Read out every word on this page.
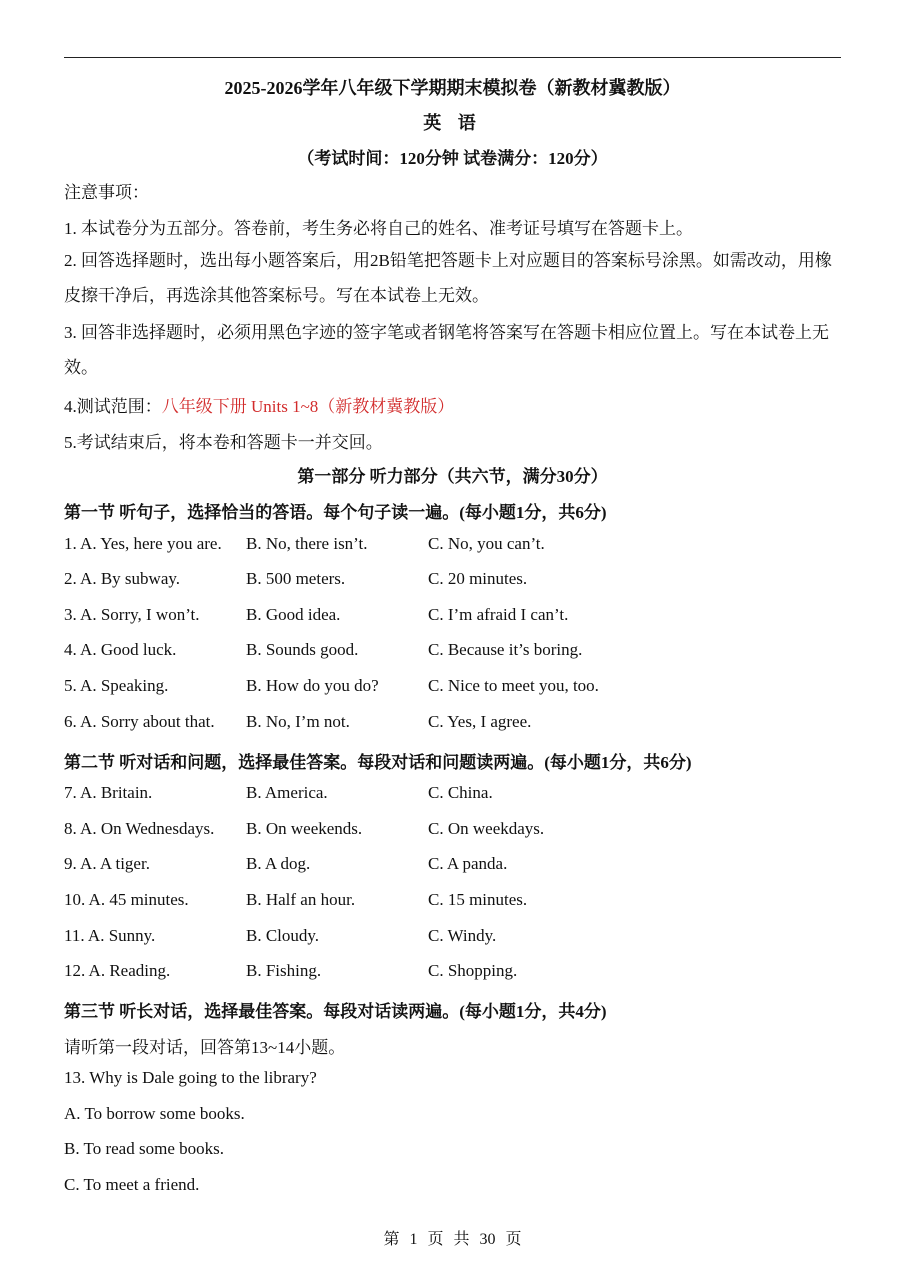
2025-2026学年八年级下学期期末模拟卷（新教材冀教版）
英 语
（考试时间：120分钟 试卷满分：120分）
注意事项：
1. 本试卷分为五部分。答卷前，考生务必将自己的姓名、准考证号填写在答题卡上。
2. 回答选择题时，选出每小题答案后，用2B铅笔把答题卡上对应题目的答案标号涂黑。如需改动，用橡皮擦干净后，再选涂其他答案标号。写在本试卷上无效。
3. 回答非选择题时，必须用黑色字迹的签字笔或者钢笔将答案写在答题卡相应位置上。写在本试卷上无效。
4.测试范围：八年级下册 Units 1~8（新教材冀教版）
5.考试结束后，将本卷和答题卡一并交回。
第一部分 听力部分（共六节，满分30分）
第一节 听句子，选择恰当的答语。每个句子读一遍。(每小题1分，共6分)
1. A. Yes, here you are. B. No, there isn’t.	C. No, you can’t.
2. A. By subway.	B. 500 meters.	C. 20 minutes.
3. A. Sorry, I won’t.	B. Good idea.	C. I’m afraid I can’t.
4. A. Good luck.	B. Sounds good.	C. Because it’s boring.
5. A. Speaking.	B. How do you do?	C. Nice to meet you, too.
6. A. Sorry about that. B. No, I’m not.	C. Yes, I agree.
第二节 听对话和问题，选择最佳答案。每段对话和问题读两遍。(每小题1分，共6分)
7. A. Britain.	B. America.	C. China.
8. A. On Wednesdays. B. On weekends.	C. On weekdays.
9. A. A tiger.	B. A dog.	C. A panda.
10. A. 45 minutes.	B. Half an hour.	C. 15 minutes.
11. A. Sunny.	B. Cloudy.	C. Windy.
12. A. Reading.	B. Fishing.	C. Shopping.
第三节 听长对话，选择最佳答案。每段对话读两遍。(每小题1分，共4分)
请听第一段对话，回答第13~14小题。
13. Why is Dale going to the library?
A. To borrow some books.
B. To read some books.
C. To meet a friend.
第 1 页 共 30 页
